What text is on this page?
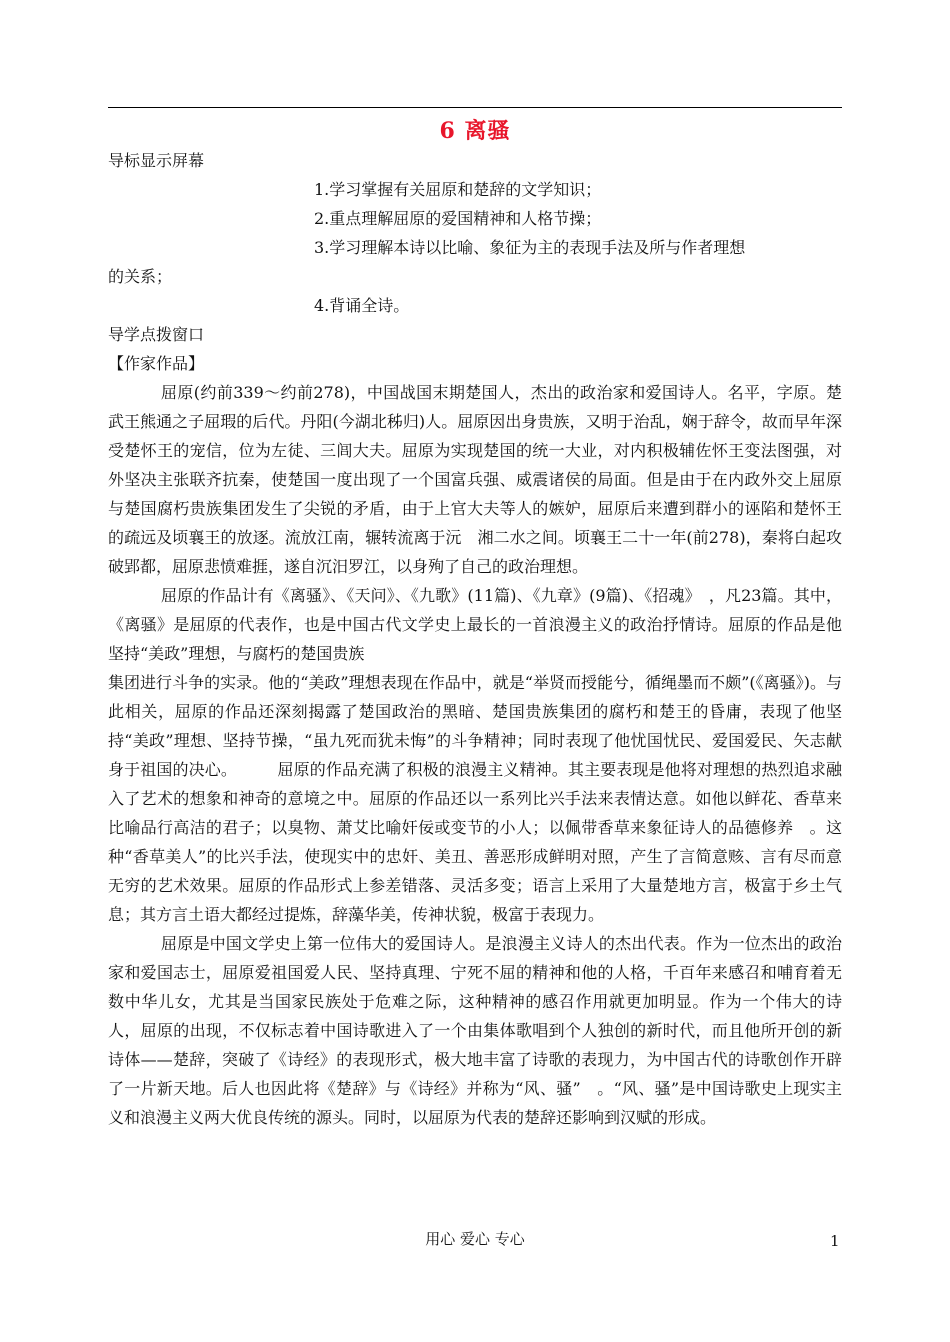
6 离骚

导标显示屏幕

1.学习掌握有关屈原和楚辞的文学知识；

2.重点理解屈原的爱国精神和人格节操；

3.学习理解本诗以比喻、象征为主的表现手法及所与作者理想

的关系；

4.背诵全诗。

导学点拨窗口

【作家作品】

屈原(约前339～约前278)，中国战国末期楚国人，杰出的政治家和爱国诗人。名平，字原。楚武王熊通之子屈瑕的后代。丹阳(今湖北秭归)人。屈原因出身贵族，又明于治乱，娴于辞令，故而早年深受楚怀王的宠信，位为左徒、三闾大夫。屈原为实现楚国的统一大业，对内积极辅佐怀王变法图强，对外坚决主张联齐抗秦，使楚国一度出现了一个国富兵强、威震诸侯的局面。但是由于在内政外交上屈原与楚国腐朽贵族集团发生了尖锐的矛盾，由于上官大夫等人的嫉妒，屈原后来遭到群小的诬陷和楚怀王的疏远及顷襄王的放逐。流放江南，辗转流离于沅　湘二水之间。顷襄王二十一年(前278)，秦将白起攻破郢都，屈原悲愤难捱，遂自沉汨罗江，以身殉了自己的政治理想。

屈原的作品计有《离骚》、《天问》、《九歌》(11篇)、《九章》(9篇)、《招魂》　，凡23篇。其中，《离骚》是屈原的代表作，也是中国古代文学史上最长的一首浪漫主义的政治抒情诗。屈原的作品是他坚持“美政”理想，与腐朽的楚国贵族

集团进行斗争的实录。他的“美政”理想表现在作品中，就是“举贤而授能兮，循绳墨而不颇”(《离骚》)。与此相关，屈原的作品还深刻揭露了楚国政治的黑暗、楚国贵族集团的腐朽和楚王的昏庸，表现了他坚持“美政”理想、坚持节操，“虽九死而犹未悔”的斗争精神；同时表现了他忧国忧民、爱国爱民、矢志献身于祖国的决心。　　　屈原的作品充满了积极的浪漫主义精神。其主要表现是他将对理想的热烈追求融入了艺术的想象和神奇的意境之中。屈原的作品还以一系列比兴手法来表情达意。如他以鲜花、香草来比喻品行高洁的君子；以臭物、萧艾比喻奸佞或变节的小人；以佩带香草来象征诗人的品德修养　。这种“香草美人”的比兴手法，使现实中的忠奸、美丑、善恶形成鲜明对照，产生了言简意赅、言有尽而意无穷的艺术效果。屈原的作品形式上参差错落、灵活多变；语言上采用了大量楚地方言，极富于乡土气息；其方言土语大都经过提炼，辞藻华美，传神状貌，极富于表现力。

屈原是中国文学史上第一位伟大的爱国诗人。是浪漫主义诗人的杰出代表。作为一位杰出的政治家和爱国志士，屈原爱祖国爱人民、坚持真理、宁死不屈的精神和他的人格，千百年来感召和哺育着无数中华儿女，尤其是当国家民族处于危难之际，这种精神的感召作用就更加明显。作为一个伟大的诗人，屈原的出现，不仅标志着中国诗歌进入了一个由集体歌唱到个人独创的新时代，而且他所开创的新诗体——楚辞，突破了《诗经》的表现形式，极大地丰富了诗歌的表现力，为中国古代的诗歌创作开辟了一片新天地。后人也因此将《楚辞》与《诗经》并称为“风、骚”　。“风、骚”是中国诗歌史上现实主义和浪漫主义两大优良传统的源头。同时，以屈原为代表的楚辞还影响到汉赋的形成。

用心 爱心 专心	1
